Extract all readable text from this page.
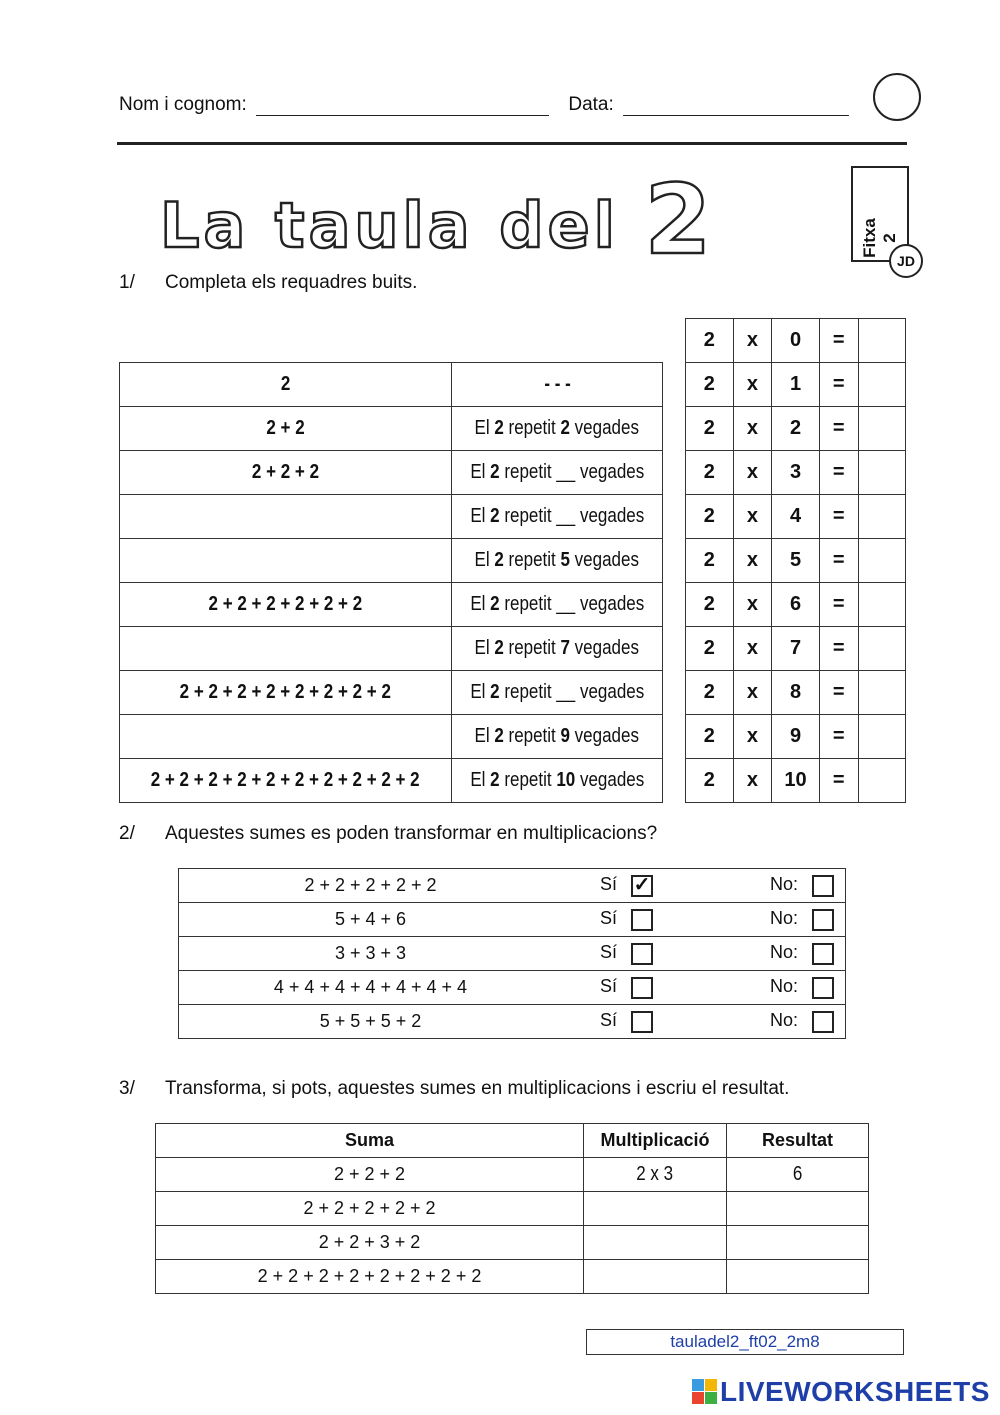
Nom i cognom:	Data:
La taula del 2	Fitxa 2
JD
1/ Completa els requadres buits.
2	- - -
2 + 2	El 2 repetit 2 vegades
2 + 2 + 2	El 2 repetit __ vegades
	El 2 repetit __ vegades
	El 2 repetit 5 vegades
2 + 2 + 2 + 2 + 2 + 2	El 2 repetit __ vegades
	El 2 repetit 7 vegades
2 + 2 + 2 + 2 + 2 + 2 + 2 + 2	El 2 repetit __ vegades
	El 2 repetit 9 vegades
2 + 2 + 2 + 2 + 2 + 2 + 2 + 2 + 2 + 2	El 2 repetit 10 vegades
2	x	0	=	
2	x	1	=	
2	x	2	=	
2	x	3	=	
2	x	4	=	
2	x	5	=	
2	x	6	=	
2	x	7	=	
2	x	8	=	
2	x	9	=	
2	x	10	=	
2/ Aquestes sumes es poden transformar en multiplicacions?
2 + 2 + 2 + 2 + 2	Sí ✓	No:
5 + 4 + 6	Sí	No:
3 + 3 + 3	Sí	No:
4 + 4 + 4 + 4 + 4 + 4 + 4	Sí	No:
5 + 5 + 5 + 2	Sí	No:
3/ Transforma, si pots, aquestes sumes en multiplicacions i escriu el resultat.
Suma	Multiplicació	Resultat
2 + 2 + 2	2 x 3	6
2 + 2 + 2 + 2 + 2		
2 + 2 + 3 + 2		
2 + 2 + 2 + 2 + 2 + 2 + 2 + 2		
tauladel2_ft02_2m8
LIVEWORKSHEETS
